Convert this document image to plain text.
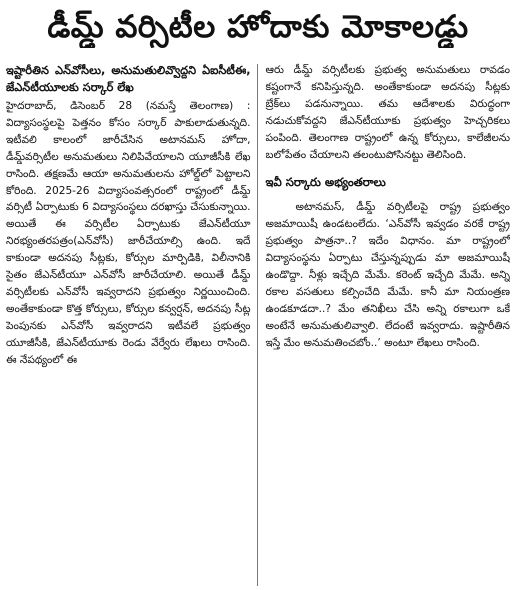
డీమ్డ్ వర్సిటీల హోదాకు మోకాలడ్డు

ఇష్టారీతిన ఎన్‌వోసీలు, అనుమతులివ్వొద్దని ఏఐసీటీఈ, జేఎన్‌టీయూలకు సర్కార్ లేఖ

హైదరాబాద్, డిసెంబర్ 28 (నమస్తే తెలంగాణ) : విద్యాసంస్థలపై పెత్తనం కోసం సర్కార్ పాకులాడుతున్నది. ఇటీవలి కాలంలో జారీచేసిన అటానమస్ హోదా, డీమ్డ్‌వర్సిటీల అనుమతులు నిలిపివేయాలని యూజీసీకి లేఖ రాసింది. తక్షణమే ఆయా అనుమతులను హోల్డ్‌లో పెట్టాలని కోరింది. 2025-26 విద్యాసంవత్సరంలో రాష్ట్రంలో డీమ్డ్ వర్సిటీ ఏర్పాటుకు 6 విద్యాసంస్థలు దరఖాస్తు చేసుకున్నాయి. అయితే ఈ వర్సిటీల ఏర్పాటుకు జేఎన్‌టీయూ నిరభ్యంతరపత్రం(ఎన్‌వోసీ) జారీచేయాల్సి ఉంది. ఇదే కాకుండా అదనపు సీట్లకు, కోర్సుల మార్పిడికి, విలీనానికి సైతం జేఎన్‌టీయూ ఎన్‌వోసీ జారీచేయాలి. అయితే డీమ్డ్ వర్సిటీలకు ఎన్‌వోసీ ఇవ్వరాదని ప్రభుత్వం నిర్ణయించింది. అంతేకాకుండా కొత్త కోర్సులు, కోర్సుల కన్వర్షన్, అదనపు సీట్ల పెంపునకు ఎన్‌వోసీ ఇవ్వరాదని ఇటీవలే ప్రభుత్వం యూజీసీకి, జేఎన్‌టీయూకు రెండు వేర్వేరు లేఖలు రాసింది. ఈ నేపథ్యంలో ఈ

ఆరు డీమ్డ్ వర్సిటీలకు ప్రభుత్వ అనుమతులు రావడం కష్టంగానే కనిపిస్తున్నది. అంతేకాకుండా అదనపు సీట్లకు బ్రేక్‌లు పడనున్నాయి. తమ ఆదేశాలకు విరుద్ధంగా నడుచుకోవద్దని జేఎన్‌టీయూకు ప్రభుత్వం హెచ్చరికలు పంపింది. తెలంగాణ రాష్ట్రంలో ఉన్న కోర్సులు, కాలేజీలను బలోపేతం చేయాలని తలంటుపోసినట్టు తెలిసింది.

ఇవీ సర్కారు అభ్యంతరాలు

అటానమస్, డీమ్డ్ వర్సిటీలపై రాష్ట్ర ప్రభుత్వం అజమాయిషీ ఉండటంలేదు. ‘ఎన్‌వోసీ ఇవ్వడం వరకే రాష్ట్ర ప్రభుత్వం పాత్రనా..? ఇదేం విధానం. మా రాష్ట్రంలో విద్యాసంస్థను ఏర్పాటు చేస్తున్నప్పుడు మా అజమాయిషీ ఉండొద్దా. నీళ్లు ఇచ్చేది మేమే. కరెంట్ ఇచ్చేది మేమే. అన్ని రకాల వసతులు కల్పించేది మేమే. కానీ మా నియంత్రణ ఉండకూడదా..? మేం తనిఖీలు చేసి అన్ని రకాలుగా ఒకే అంటేనే అనుమతులివ్వాలి. లేదంటే ఇవ్వరాదు. ఇష్టారీతిన ఇస్తే మేం అనుమతించబోం..’ అంటూ లేఖలు రాసింది.
